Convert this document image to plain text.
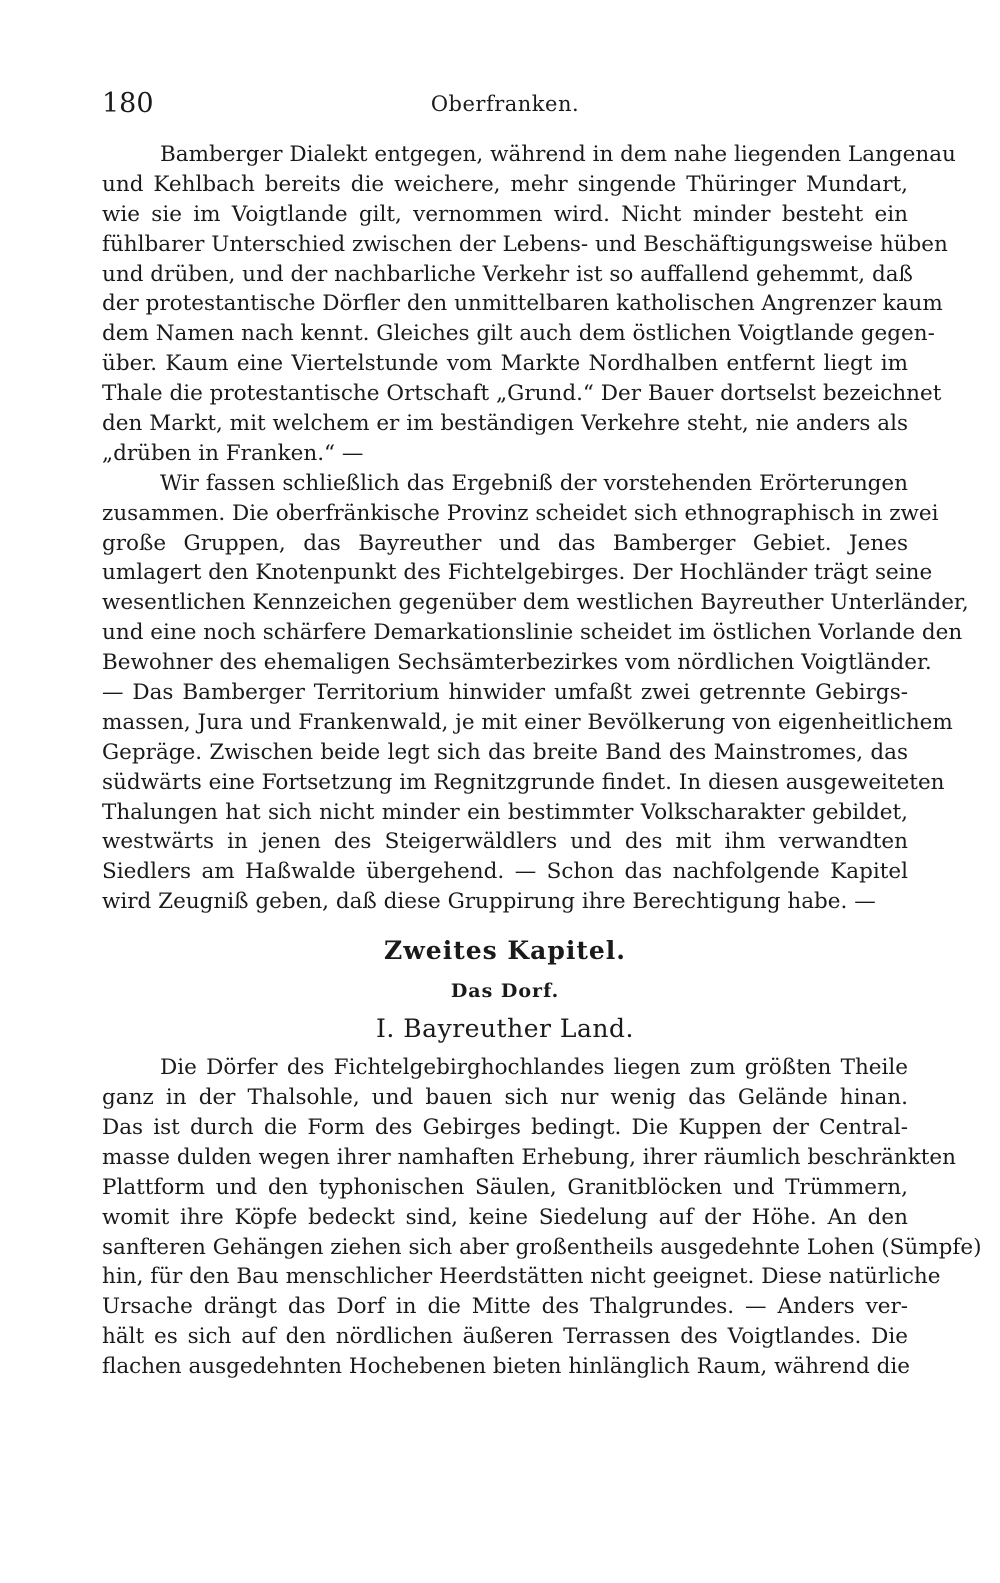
180	Oberfranken.
Bamberger Dialekt entgegen, während in dem nahe liegenden Langenau
und Kehlbach bereits die weichere, mehr singende Thüringer Mundart,
wie sie im Voigtlande gilt, vernommen wird. Nicht minder besteht ein
fühlbarer Unterschied zwischen der Lebens- und Beschäftigungsweise hüben
und drüben, und der nachbarliche Verkehr ist so auffallend gehemmt, daß
der protestantische Dörfler den unmittelbaren katholischen Angrenzer kaum
dem Namen nach kennt. Gleiches gilt auch dem östlichen Voigtlande gegen-
über. Kaum eine Viertelstunde vom Markte Nordhalben entfernt liegt im
Thale die protestantische Ortschaft „Grund.“ Der Bauer dortselst bezeichnet
den Markt, mit welchem er im beständigen Verkehre steht, nie anders als
„drüben in Franken.“ —
Wir fassen schließlich das Ergebniß der vorstehenden Erörterungen
zusammen. Die oberfränkische Provinz scheidet sich ethnographisch in zwei
große Gruppen, das Bayreuther und das Bamberger Gebiet. Jenes
umlagert den Knotenpunkt des Fichtelgebirges. Der Hochländer trägt seine
wesentlichen Kennzeichen gegenüber dem westlichen Bayreuther Unterländer,
und eine noch schärfere Demarkationslinie scheidet im östlichen Vorlande den
Bewohner des ehemaligen Sechsämterbezirkes vom nördlichen Voigtländer.
— Das Bamberger Territorium hinwider umfaßt zwei getrennte Gebirgs-
massen, Jura und Frankenwald, je mit einer Bevölkerung von eigenheitlichem
Gepräge. Zwischen beide legt sich das breite Band des Mainstromes, das
südwärts eine Fortsetzung im Regnitzgrunde findet. In diesen ausgeweiteten
Thalungen hat sich nicht minder ein bestimmter Volkscharakter gebildet,
westwärts in jenen des Steigerwäldlers und des mit ihm verwandten
Siedlers am Haßwalde übergehend. — Schon das nachfolgende Kapitel
wird Zeugniß geben, daß diese Gruppirung ihre Berechtigung habe. —
Zweites Kapitel.
Das Dorf.
I. Bayreuther Land.
Die Dörfer des Fichtelgebirghochlandes liegen zum größten Theile
ganz in der Thalsohle, und bauen sich nur wenig das Gelände hinan.
Das ist durch die Form des Gebirges bedingt. Die Kuppen der Central-
masse dulden wegen ihrer namhaften Erhebung, ihrer räumlich beschränkten
Plattform und den typhonischen Säulen, Granitblöcken und Trümmern,
womit ihre Köpfe bedeckt sind, keine Siedelung auf der Höhe. An den
sanfteren Gehängen ziehen sich aber großentheils ausgedehnte Lohen (Sümpfe)
hin, für den Bau menschlicher Heerdstätten nicht geeignet. Diese natürliche
Ursache drängt das Dorf in die Mitte des Thalgrundes. — Anders ver-
hält es sich auf den nördlichen äußeren Terrassen des Voigtlandes. Die
flachen ausgedehnten Hochebenen bieten hinlänglich Raum, während die
